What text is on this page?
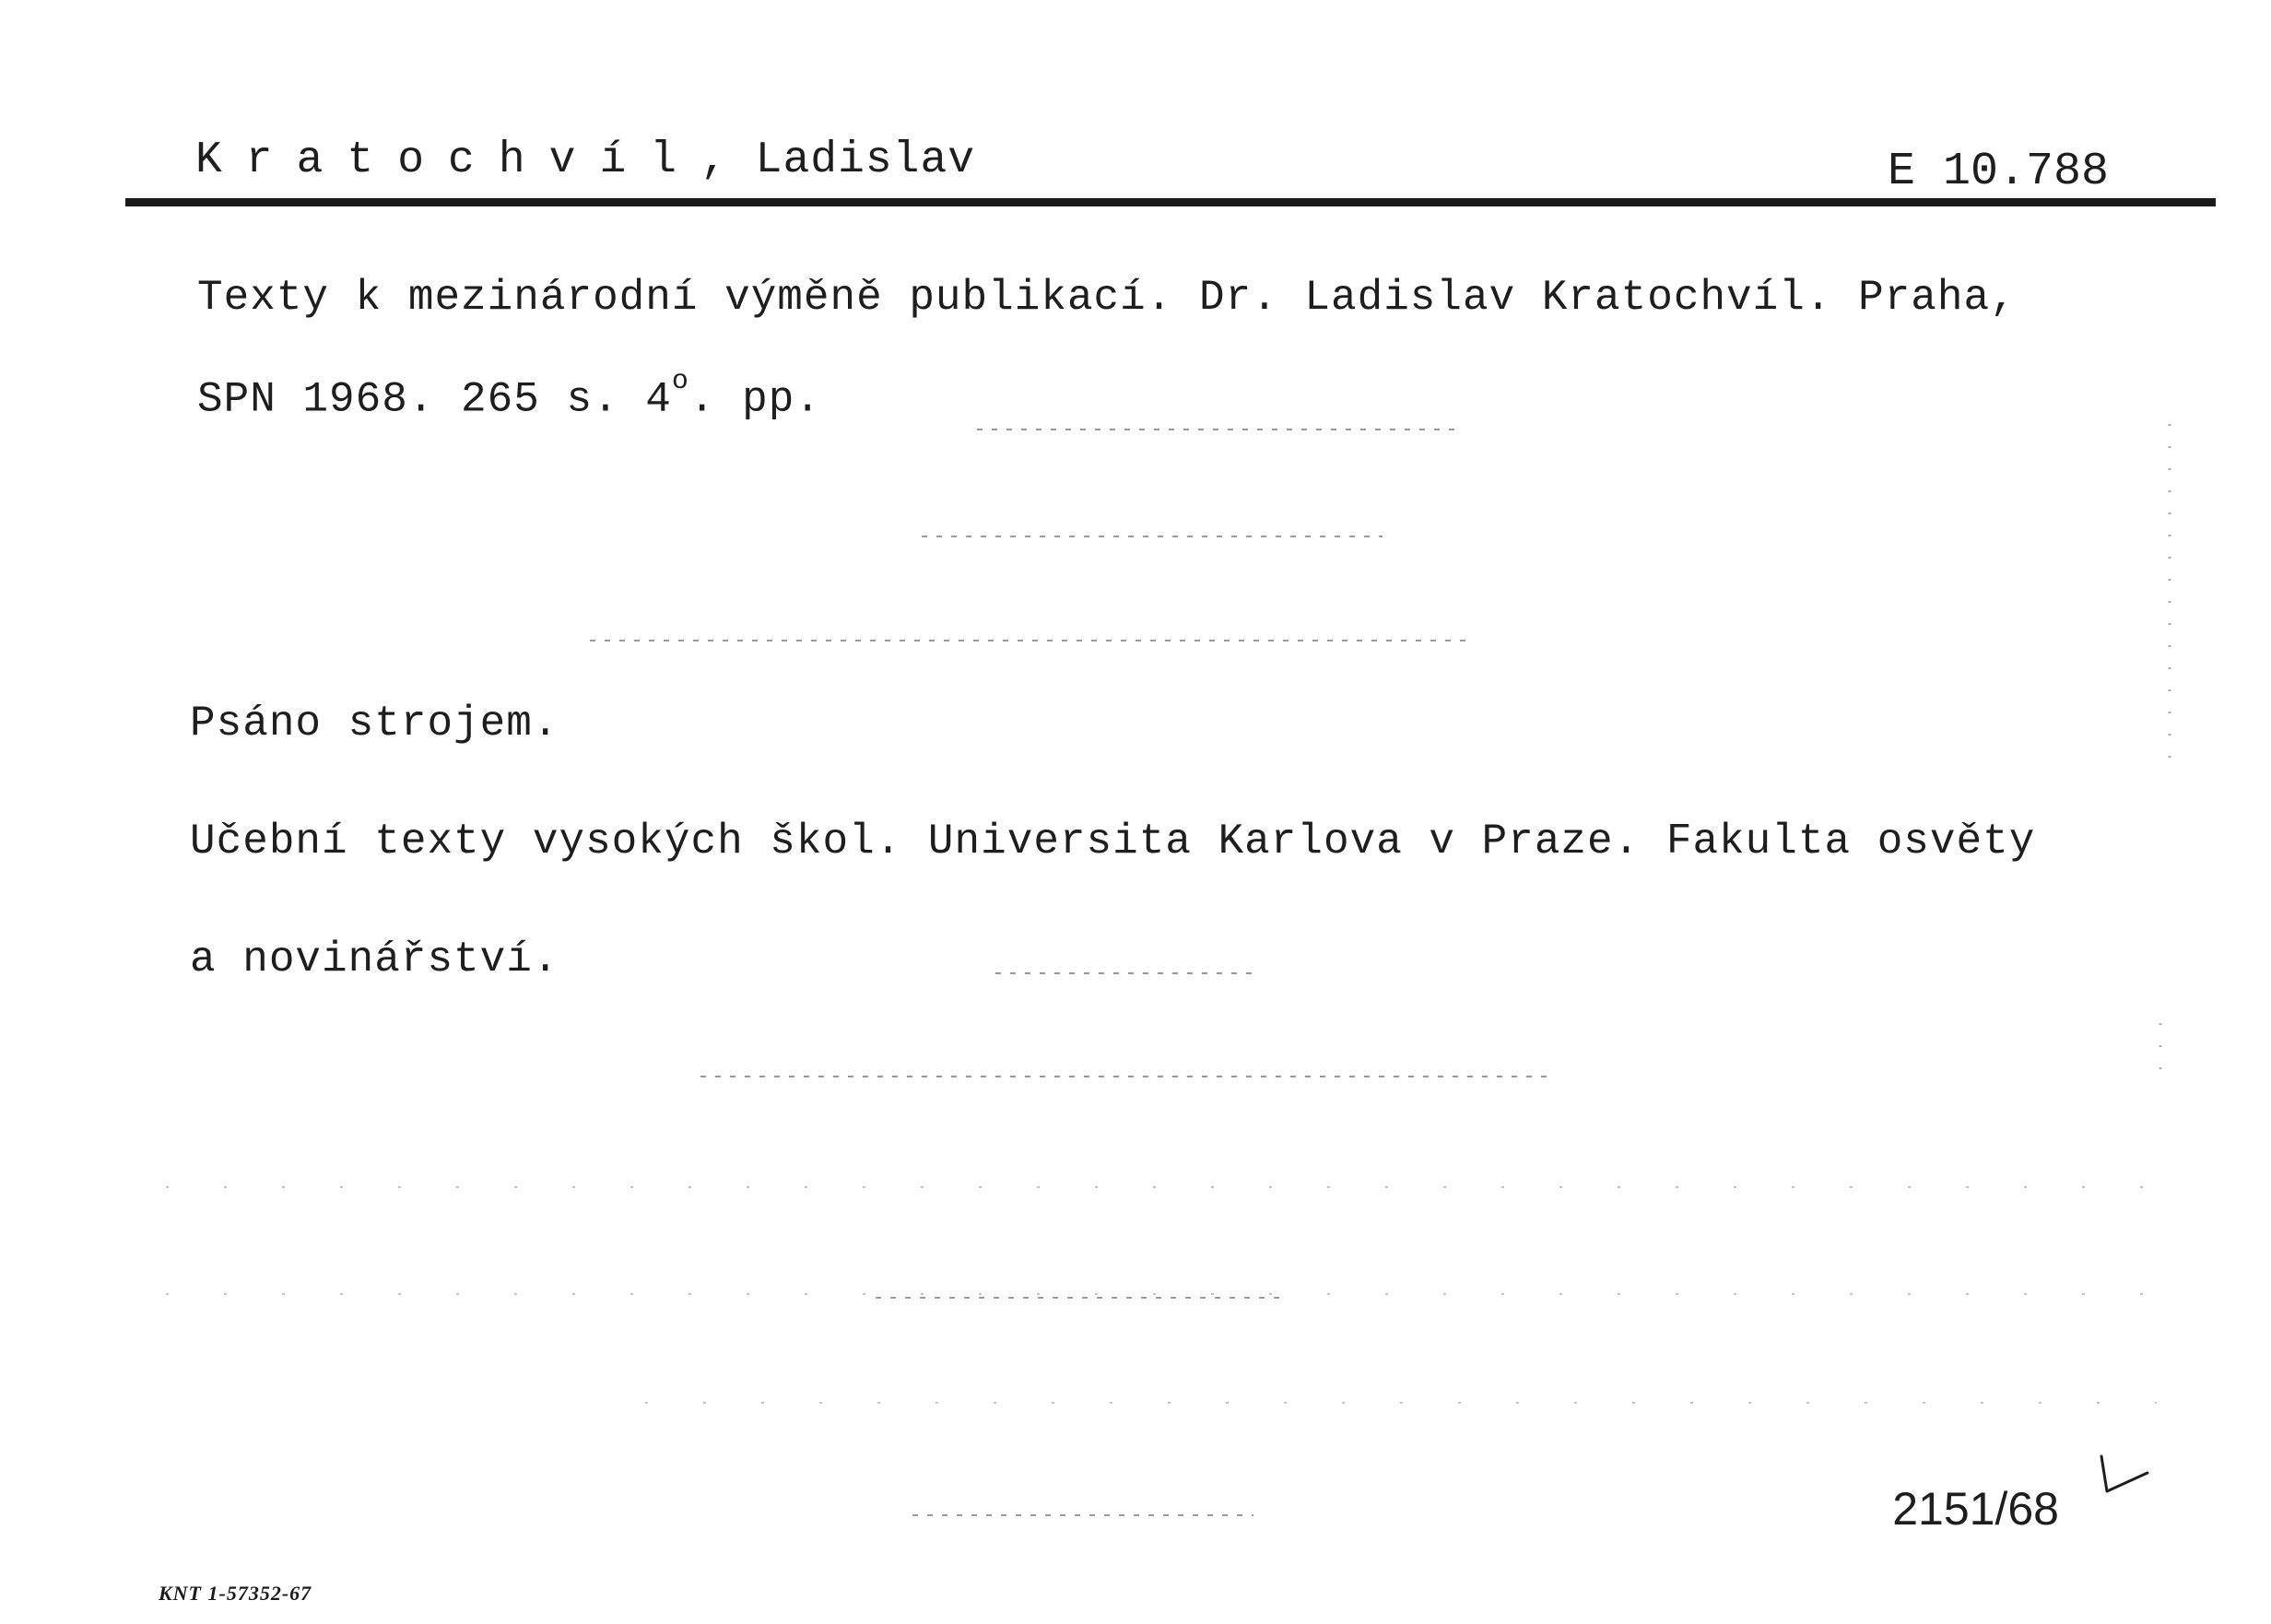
Kratochvíl, Ladislav	E 10.788
Texty k mezinárodní výměně publikací. Dr. Ladislav Kratochvíl. Praha,
SPN 1968. 265 s. 4$^o$. pp.
Psáno strojem.
Učební texty vysokých škol. Universita Karlova v Praze. Fakulta osvěty
a novinářství.
2151/68
KNT 1-57352-67
